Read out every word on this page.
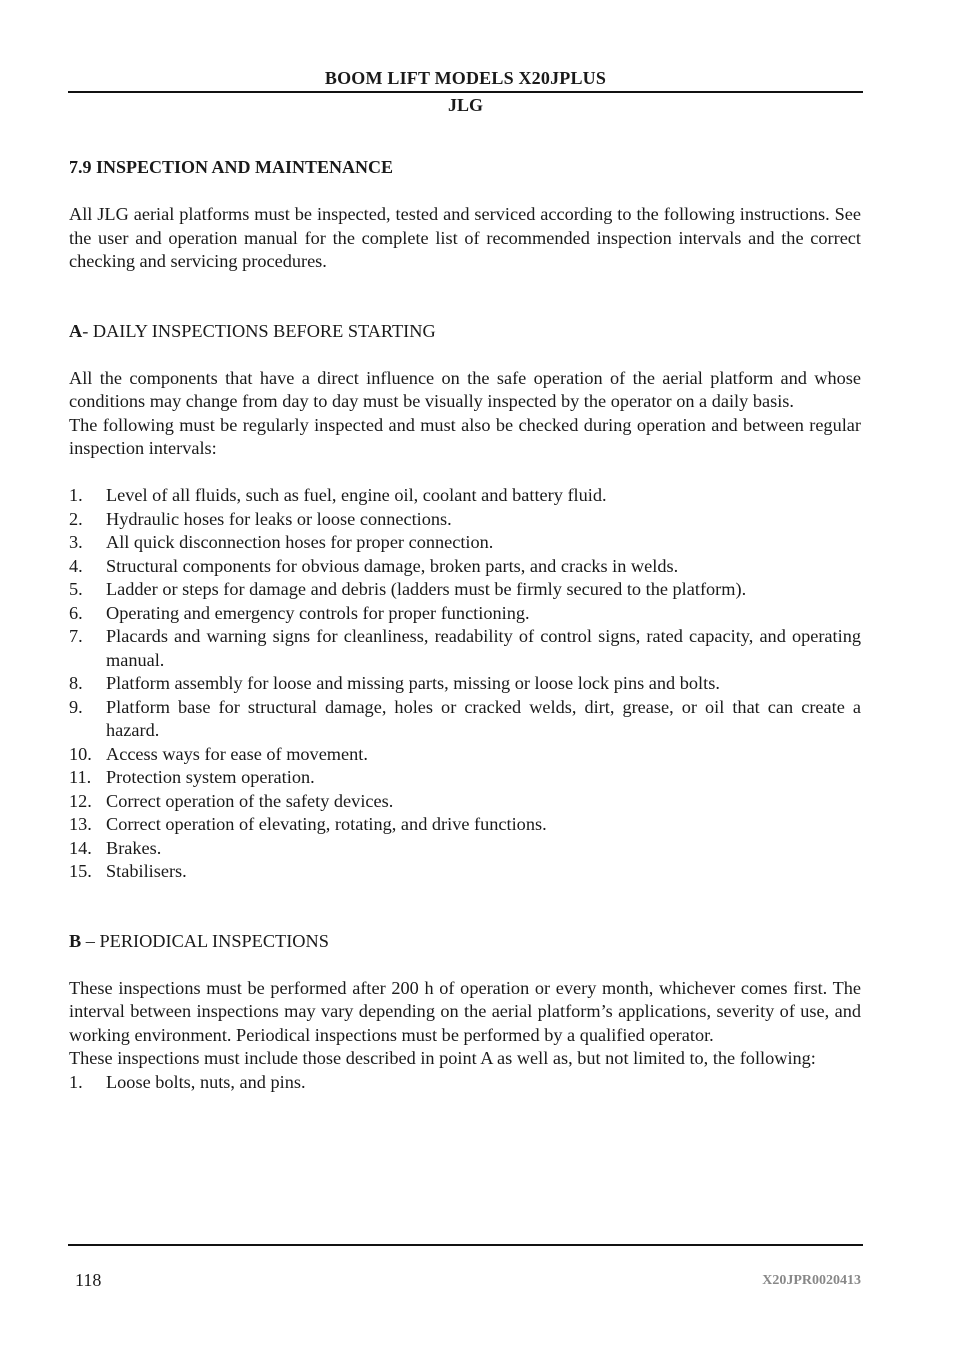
BOOM LIFT MODELS X20JPLUS
JLG
7.9 INSPECTION AND MAINTENANCE

All JLG aerial platforms must be inspected, tested and serviced according to the following instructions. See the user and operation manual for the complete list of recommended inspection intervals and the correct checking and servicing procedures.

A- DAILY INSPECTIONS BEFORE STARTING

All the components that have a direct influence on the safe operation of the aerial platform and whose conditions may change from day to day must be visually inspected by the operator on a daily basis.

The following must be regularly inspected and must also be checked during operation and between regular inspection intervals:

1. Level of all fluids, such as fuel, engine oil, coolant and battery fluid.
2. Hydraulic hoses for leaks or loose connections.
3. All quick disconnection hoses for proper connection.
4. Structural components for obvious damage, broken parts, and cracks in welds.
5. Ladder or steps for damage and debris (ladders must be firmly secured to the platform).
6. Operating and emergency controls for proper functioning.
7. Placards and warning signs for cleanliness, readability of control signs, rated capacity, and operating manual.
8. Platform assembly for loose and missing parts, missing or loose lock pins and bolts.
9. Platform base for structural damage, holes or cracked welds, dirt, grease, or oil that can create a hazard.
10. Access ways for ease of movement.
11. Protection system operation.
12. Correct operation of the safety devices.
13. Correct operation of elevating, rotating, and drive functions.
14. Brakes.
15. Stabilisers.
B – PERIODICAL INSPECTIONS

These inspections must be performed after 200 h of operation or every month, whichever comes first. The interval between inspections may vary depending on the aerial platform’s applications, severity of use, and working environment. Periodical inspections must be performed by a qualified operator.

These inspections must include those described in point A as well as, but not limited to, the following:

1. Loose bolts, nuts, and pins.
118	X20JPR0020413
